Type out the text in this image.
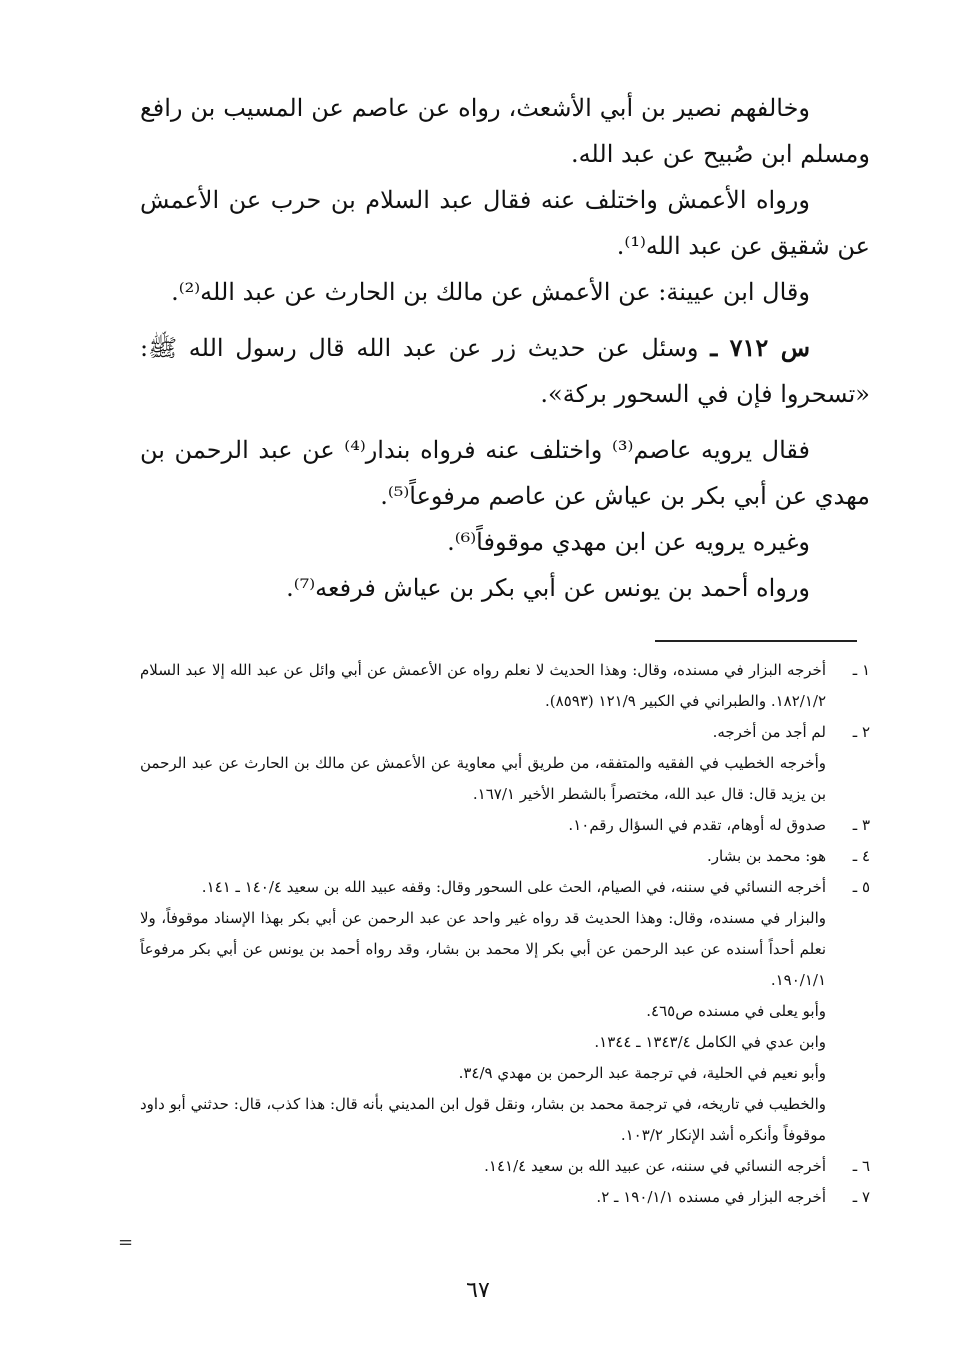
وخالفهم نصير بن أبي الأشعث، رواه عن عاصم عن المسيب بن رافع ومسلم ابن صُبيح عن عبد الله.

ورواه الأعمش واختلف عنه فقال عبد السلام بن حرب عن الأعمش عن شقيق عن عبد الله⁽¹⁾.

وقال ابن عيينة: عن الأعمش عن مالك بن الحارث عن عبد الله⁽²⁾.

س ٧١٢ ـ وسئل عن حديث زر عن عبد الله قال رسول الله ﷺ: «تسحروا فإن في السحور بركة».

فقال يرويه عاصم⁽³⁾ واختلف عنه فرواه بندار⁽⁴⁾ عن عبد الرحمن بن مهدي عن أبي بكر بن عياش عن عاصم مرفوعاً⁽⁵⁾.

وغيره يرويه عن ابن مهدي موقوفاً⁽⁶⁾.

ورواه أحمد بن يونس عن أبي بكر بن عياش فرفعه⁽⁷⁾.

١ ـ
أخرجه البزار في مسنده، وقال: وهذا الحديث لا نعلم رواه عن الأعمش عن أبي وائل عن عبد الله إلا عبد السلام ١٨٢/١/٢. والطبراني في الكبير ١٢١/٩ (٨٥٩٣).
٢ ـ
لم أجد من أخرجه.
وأخرجه الخطيب في الفقيه والمتفقه، من طريق أبي معاوية عن الأعمش عن مالك بن الحارث عن عبد الرحمن بن يزيد قال: قال عبد الله، مختصراً بالشطر الأخير ١٦٧/١.
٣ ـ
صدوق له أوهام، تقدم في السؤال رقم١٠.
٤ ـ
هو: محمد بن بشار.
٥ ـ
أخرجه النسائي في سننه، في الصيام، الحث على السحور وقال: وقفه عبيد الله بن سعيد ١٤٠/٤ ـ ١٤١.
والبزار في مسنده، وقال: وهذا الحديث قد رواه غير واحد عن عبد الرحمن عن أبي بكر بهذا الإسناد موقوفاً، ولا نعلم أحداً أسنده عن عبد الرحمن عن أبي بكر إلا محمد بن بشار، وقد رواه أحمد بن يونس عن أبي بكر مرفوعاً ١٩٠/١/١.
وأبو يعلى في مسنده ص٤٦٥.
وابن عدي في الكامل ١٣٤٣/٤ ـ ١٣٤٤.
وأبو نعيم في الحلية، في ترجمة عبد الرحمن بن مهدي ٣٤/٩.
والخطيب في تاريخه، في ترجمة محمد بن بشار، ونقل قول ابن المديني بأنه قال: هذا كذب، قال: حدثني أبو داود موقوفاً وأنكره أشد الإنكار ١٠٣/٢.
٦ ـ
أخرجه النسائي في سننه، عن عبيد الله بن سعيد ١٤١/٤.
٧ ـ
أخرجه البزار في مسنده ١٩٠/١/١ ـ ٢.
=
٦٧
